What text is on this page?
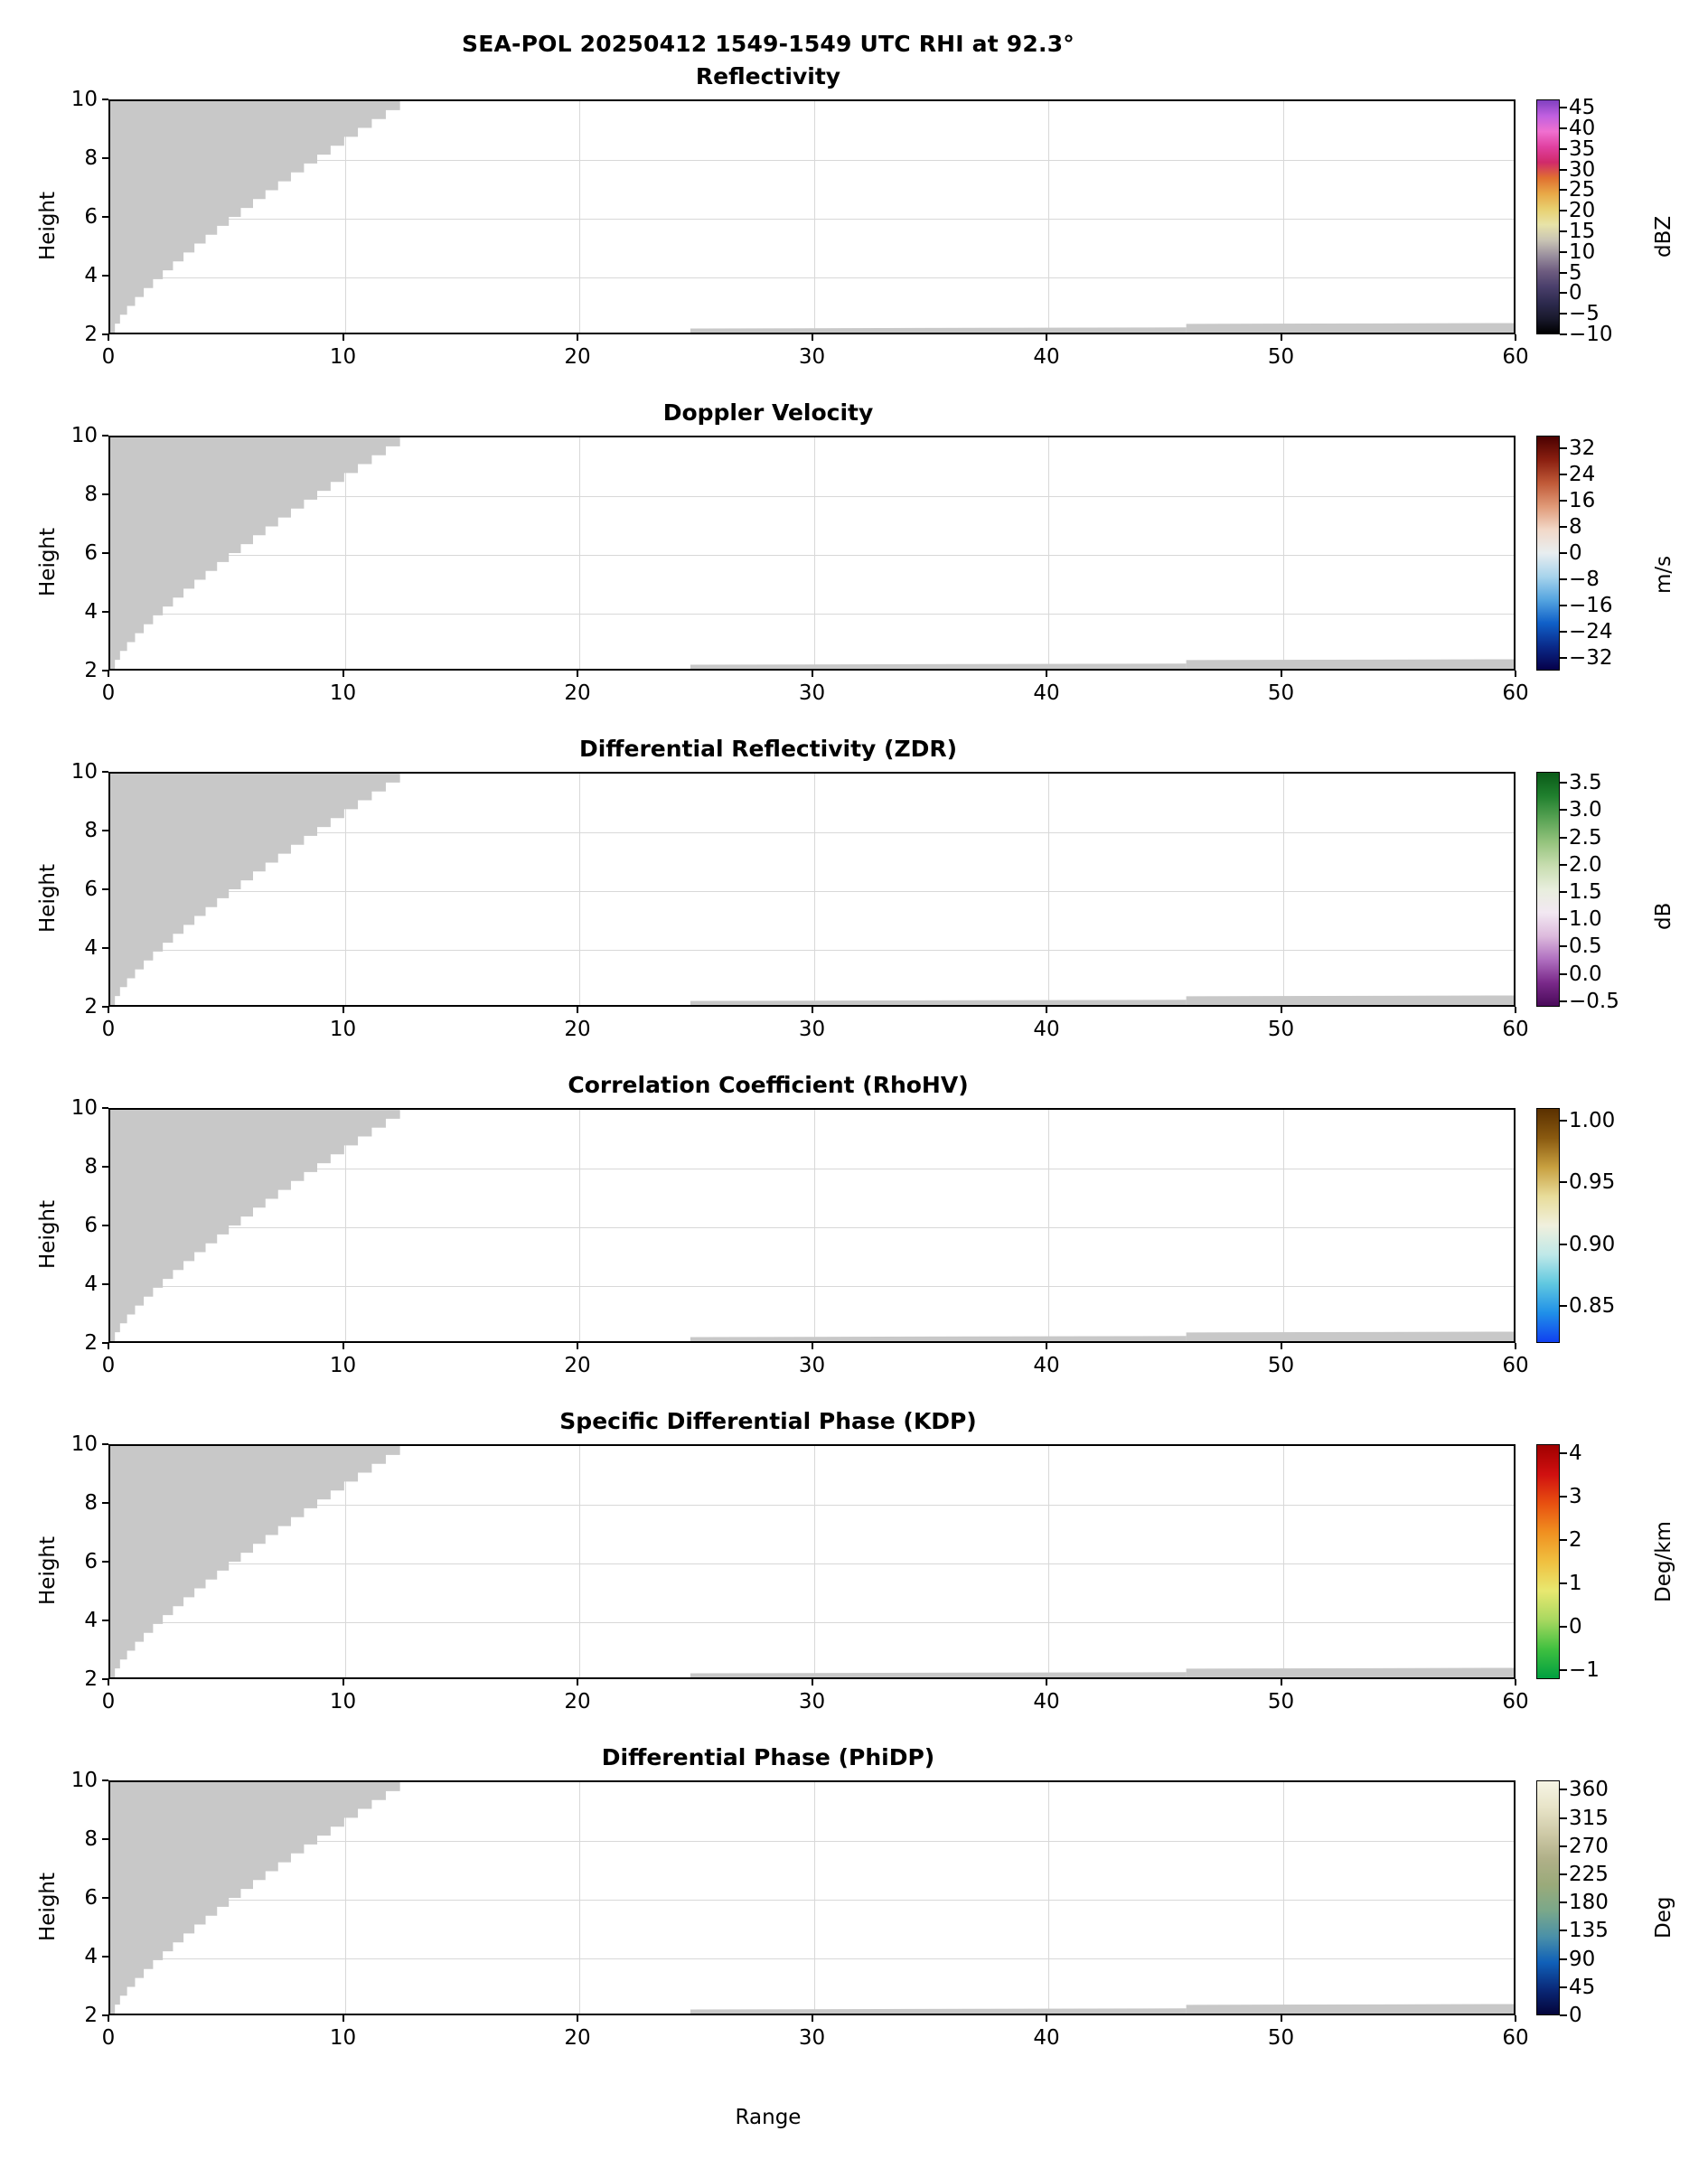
SEA-POL 20250412 1549-1549 UTC RHI at 92.3°
Reflectivity
Height
2
4
6
8
10
0	10	20	30	40	50	60
−10
−5
0
5
10
15
20
25
30
35
40
45
dBZ
Doppler Velocity
Height
2
4
6
8
10
0	10	20	30	40	50	60
−32
−24
−16
−8
0
8
16
24
32
m/s
Differential Reflectivity (ZDR)
Height
2
4
6
8
10
0	10	20	30	40	50	60
−0.5
0.0
0.5
1.0
1.5
2.0
2.5
3.0
3.5
dB
Correlation Coefficient (RhoHV)
Height
2
4
6
8
10
0	10	20	30	40	50	60
0.85
0.90
0.95
1.00
Specific Differential Phase (KDP)
Height
2
4
6
8
10
0	10	20	30	40	50	60
−1
0
1
2
3
4
Deg/km
Differential Phase (PhiDP)
Height
2
4
6
8
10
0	10	20	30	40	50	60
0
45
90
135
180
225
270
315
360
Deg
Range
